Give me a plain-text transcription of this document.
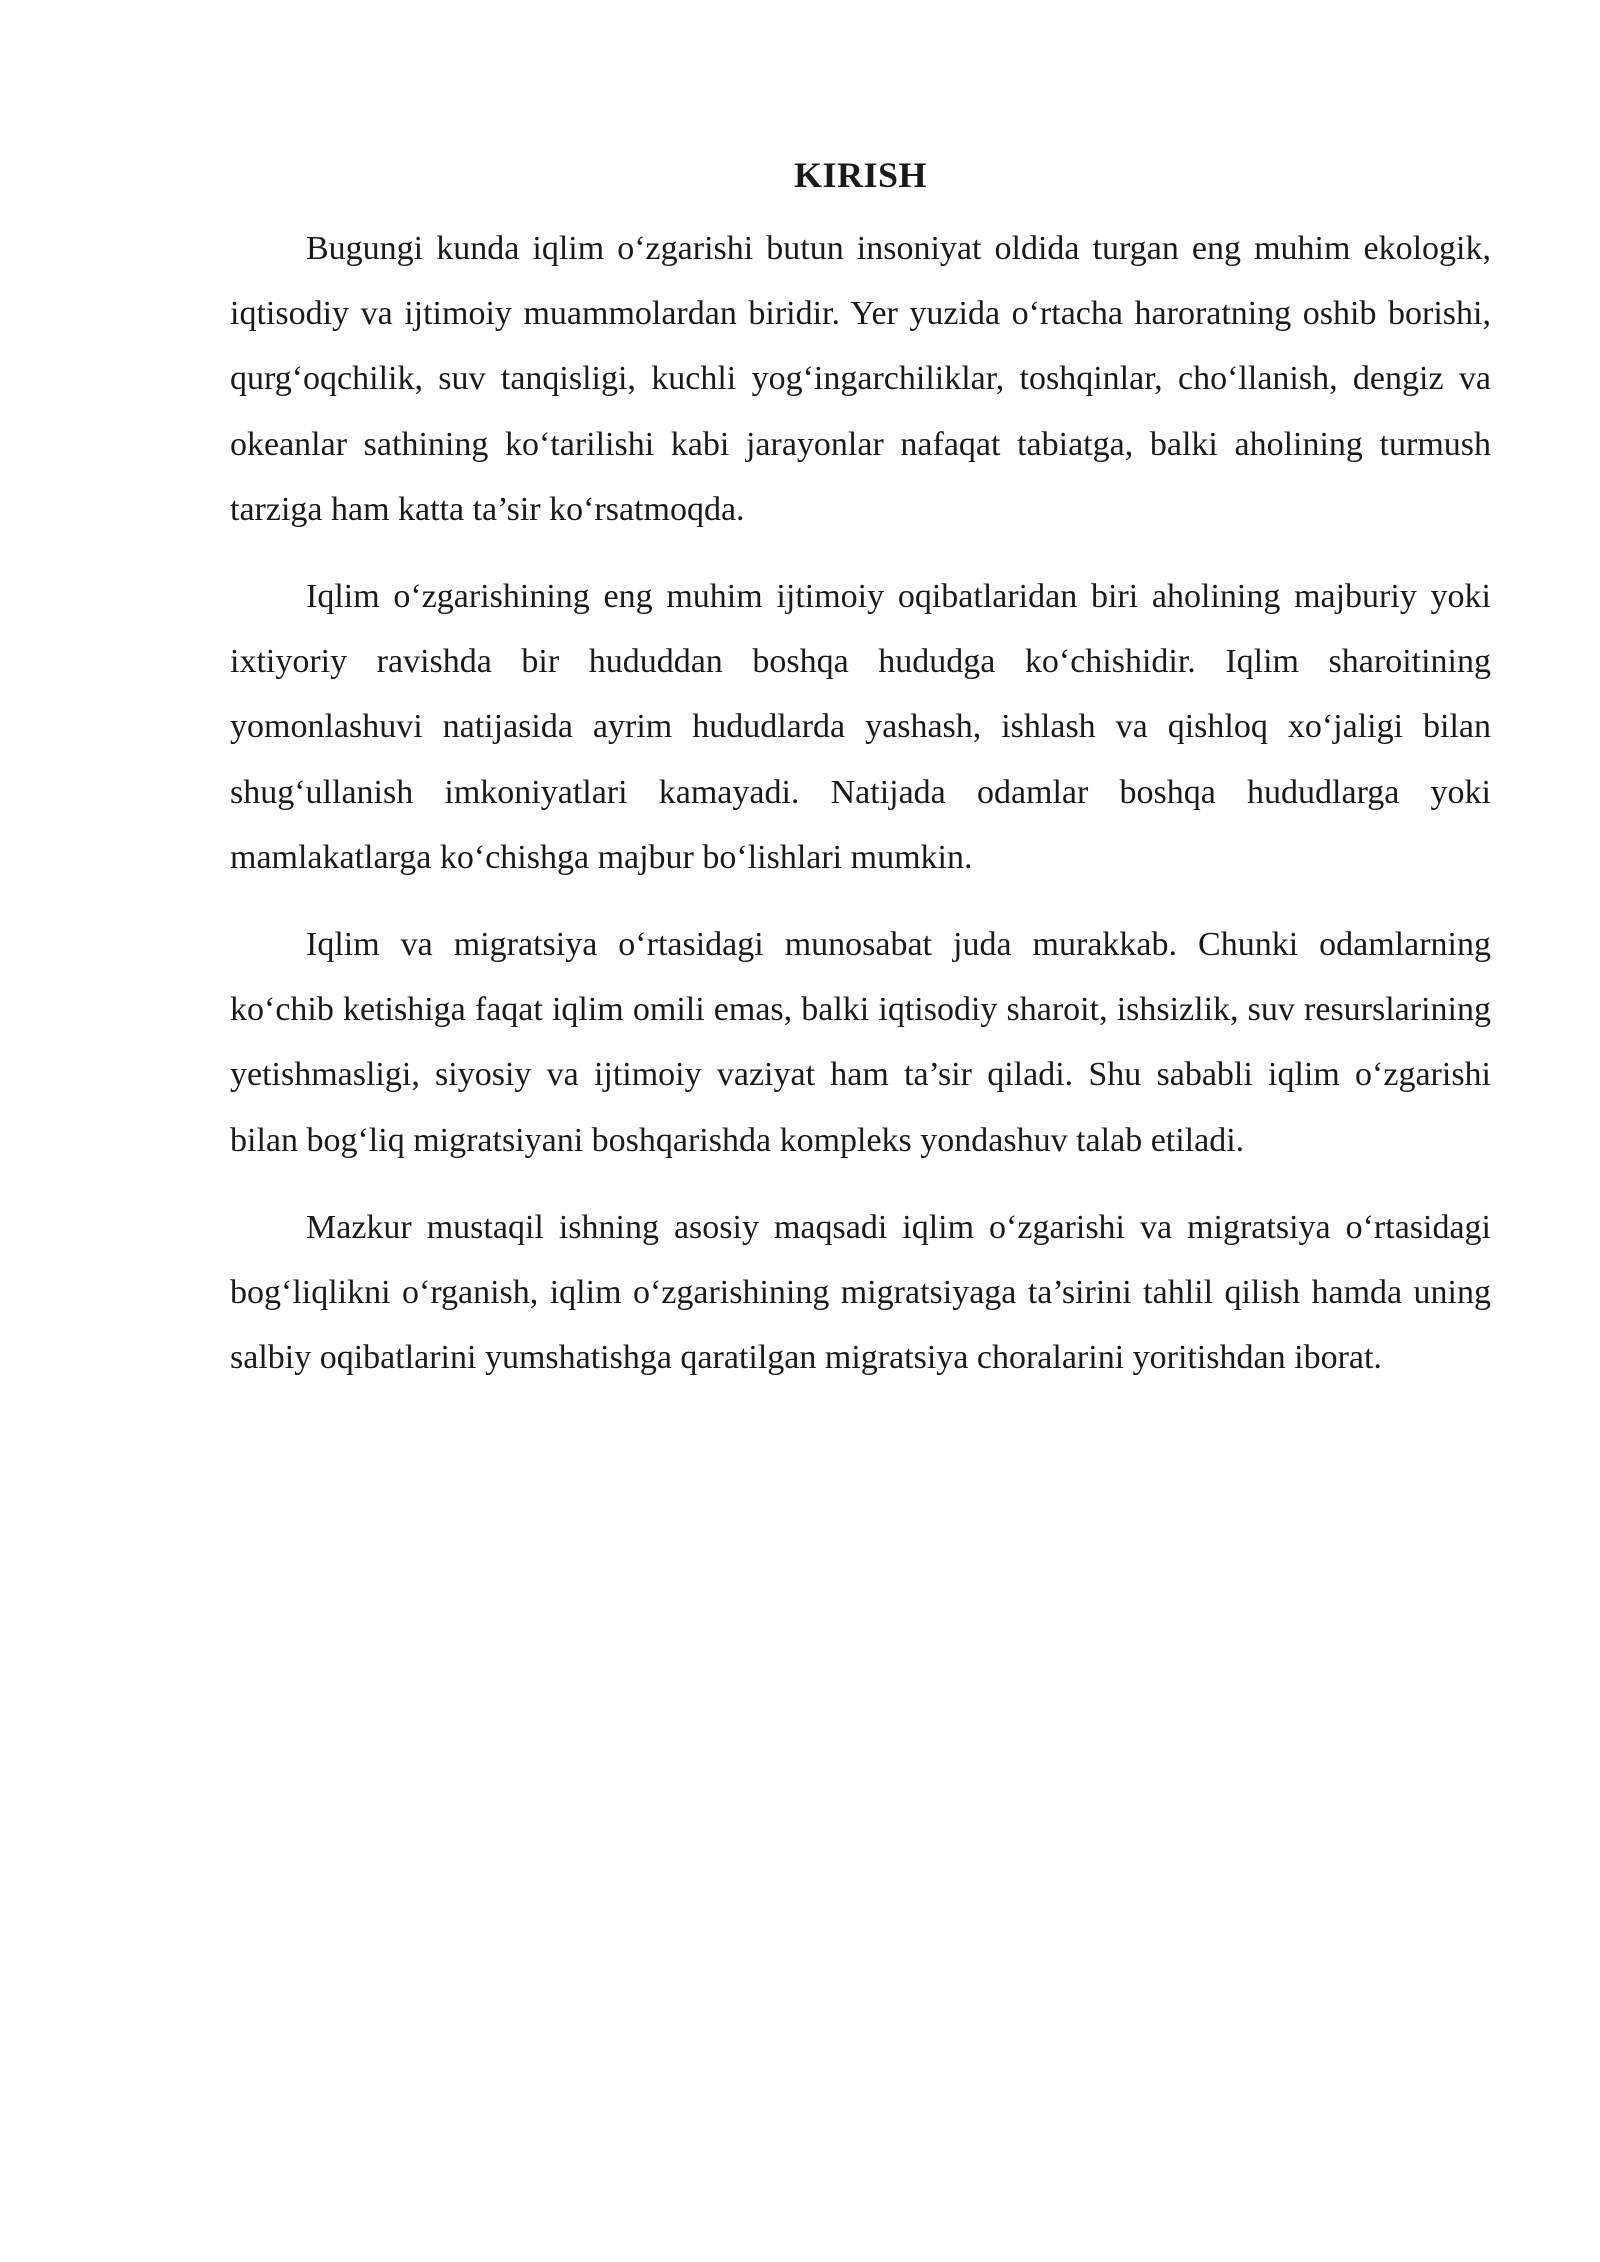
KIRISH

Bugungi kunda iqlim o‘zgarishi butun insoniyat oldida turgan eng muhim ekologik, iqtisodiy va ijtimoiy muammolardan biridir. Yer yuzida o‘rtacha haroratning oshib borishi, qurg‘oqchilik, suv tanqisligi, kuchli yog‘ingarchiliklar, toshqinlar, cho‘llanish, dengiz va okeanlar sathining ko‘tarilishi kabi jarayonlar nafaqat tabiatga, balki aholining turmush tarziga ham katta ta’sir ko‘rsatmoqda.

Iqlim o‘zgarishining eng muhim ijtimoiy oqibatlaridan biri aholining majburiy yoki ixtiyoriy ravishda bir hududdan boshqa hududga ko‘chishidir. Iqlim sharoitining yomonlashuvi natijasida ayrim hududlarda yashash, ishlash va qishloq xo‘jaligi bilan shug‘ullanish imkoniyatlari kamayadi. Natijada odamlar boshqa hududlarga yoki mamlakatlarga ko‘chishga majbur bo‘lishlari mumkin.

Iqlim va migratsiya o‘rtasidagi munosabat juda murakkab. Chunki odamlarning ko‘chib ketishiga faqat iqlim omili emas, balki iqtisodiy sharoit, ishsizlik, suv resurslarining yetishmasligi, siyosiy va ijtimoiy vaziyat ham ta’sir qiladi. Shu sababli iqlim o‘zgarishi bilan bog‘liq migratsiyani boshqarishda kompleks yondashuv talab etiladi.

Mazkur mustaqil ishning asosiy maqsadi iqlim o‘zgarishi va migratsiya o‘rtasidagi bog‘liqlikni o‘rganish, iqlim o‘zgarishining migratsiyaga ta’sirini tahlil qilish hamda uning salbiy oqibatlarini yumshatishga qaratilgan migratsiya choralarini yoritishdan iborat.
